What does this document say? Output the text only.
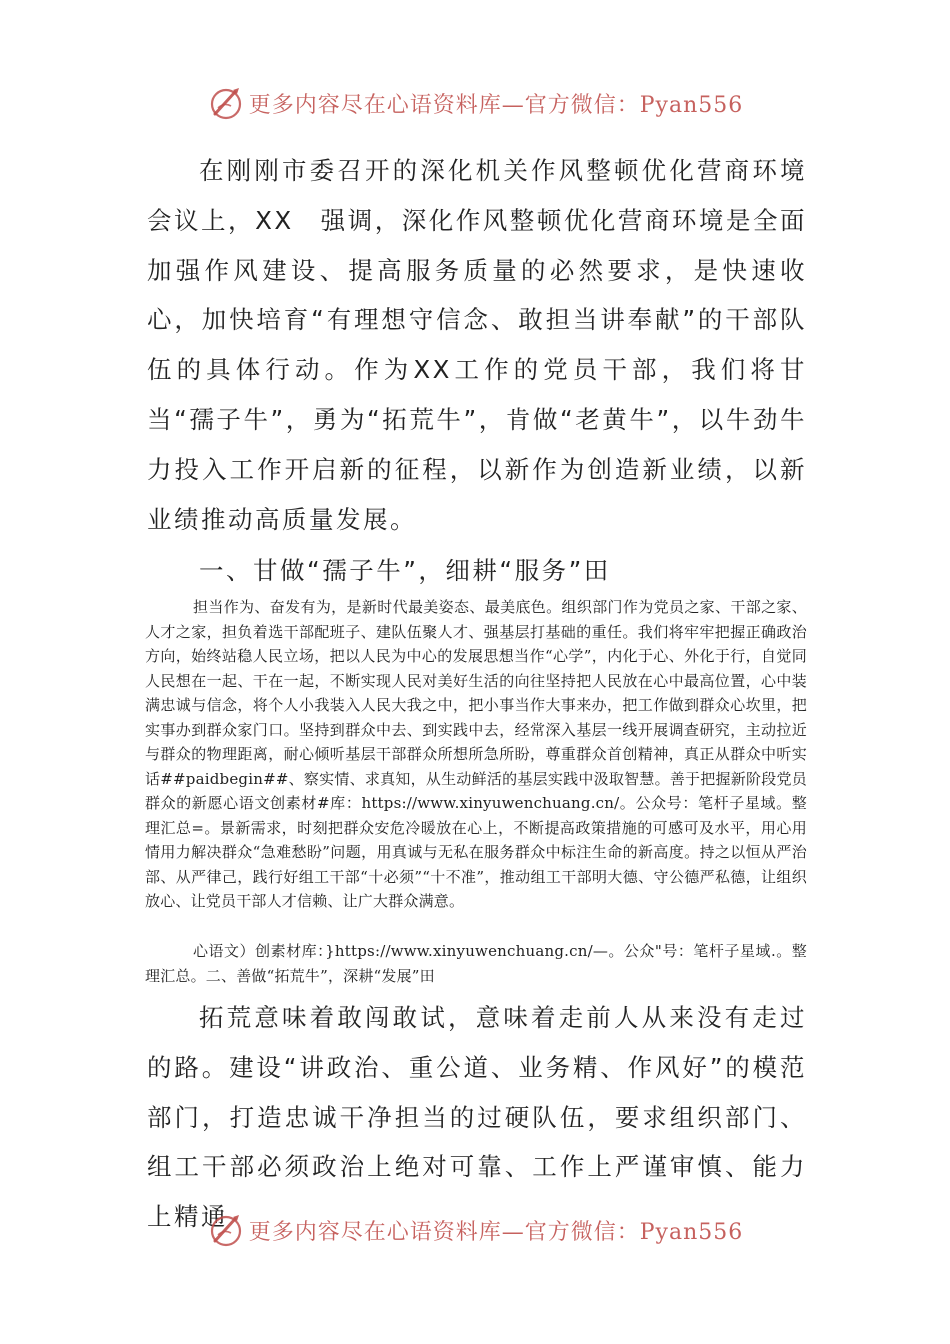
更多内容尽在心语资料库—官方微信：Pyan556

在刚刚市委召开的深化机关作风整顿优化营商环境会议上，XX　强调，深化作风整顿优化营商环境是全面加强作风建设、提高服务质量的必然要求，是快速收心，加快培育“有理想守信念、敢担当讲奉献”的干部队伍的具体行动。作为XX工作的党员干部，我们将甘当“孺子牛”，勇为“拓荒牛”，肯做“老黄牛”，以牛劲牛力投入工作开启新的征程，以新作为创造新业绩，以新业绩推动高质量发展。

一、甘做“孺子牛”，细耕“服务”田

担当作为、奋发有为，是新时代最美姿态、最美底色。组织部门作为党员之家、干部之家、人才之家，担负着选干部配班子、建队伍聚人才、强基层打基础的重任。我们将牢牢把握正确政治方向，始终站稳人民立场，把以人民为中心的发展思想当作“心学”，内化于心、外化于行，自觉同人民想在一起、干在一起，不断实现人民对美好生活的向往坚持把人民放在心中最高位置，心中装满忠诚与信念，将个人小我装入人民大我之中，把小事当作大事来办，把工作做到群众心坎里，把实事办到群众家门口。坚持到群众中去、到实践中去，经常深入基层一线开展调查研究，主动拉近与群众的物理距离，耐心倾听基层干部群众所想所急所盼，尊重群众首创精神，真正从群众中听实话##paidbegin##、察实情、求真知，从生动鲜活的基层实践中汲取智慧。善于把握新阶段党员群众的新愿心语文创素材#库：https://www.xinyuwenchuang.cn/。公众号：笔杆子星域。整理汇总=。景新需求，时刻把群众安危冷暖放在心上，不断提高政策措施的可感可及水平，用心用情用力解决群众“急难愁盼”问题，用真诚与无私在服务群众中标注生命的新高度。持之以恒从严治部、从严律己，践行好组工干部“十必须”“十不准”，推动组工干部明大德、守公德严私德，让组织放心、让党员干部人才信赖、让广大群众满意。

心语文）创素材库：}https://www.xinyuwenchuang.cn/—。公众"号：笔杆子星域.。整理汇总。二、善做“拓荒牛”，深耕“发展”田

拓荒意味着敢闯敢试，意味着走前人从来没有走过的路。建设“讲政治、重公道、业务精、作风好”的模范部门，打造忠诚干净担当的过硬队伍，要求组织部门、组工干部必须政治上绝对可靠、工作上严谨审慎、能力上精通

更多内容尽在心语资料库—官方微信：Pyan556
